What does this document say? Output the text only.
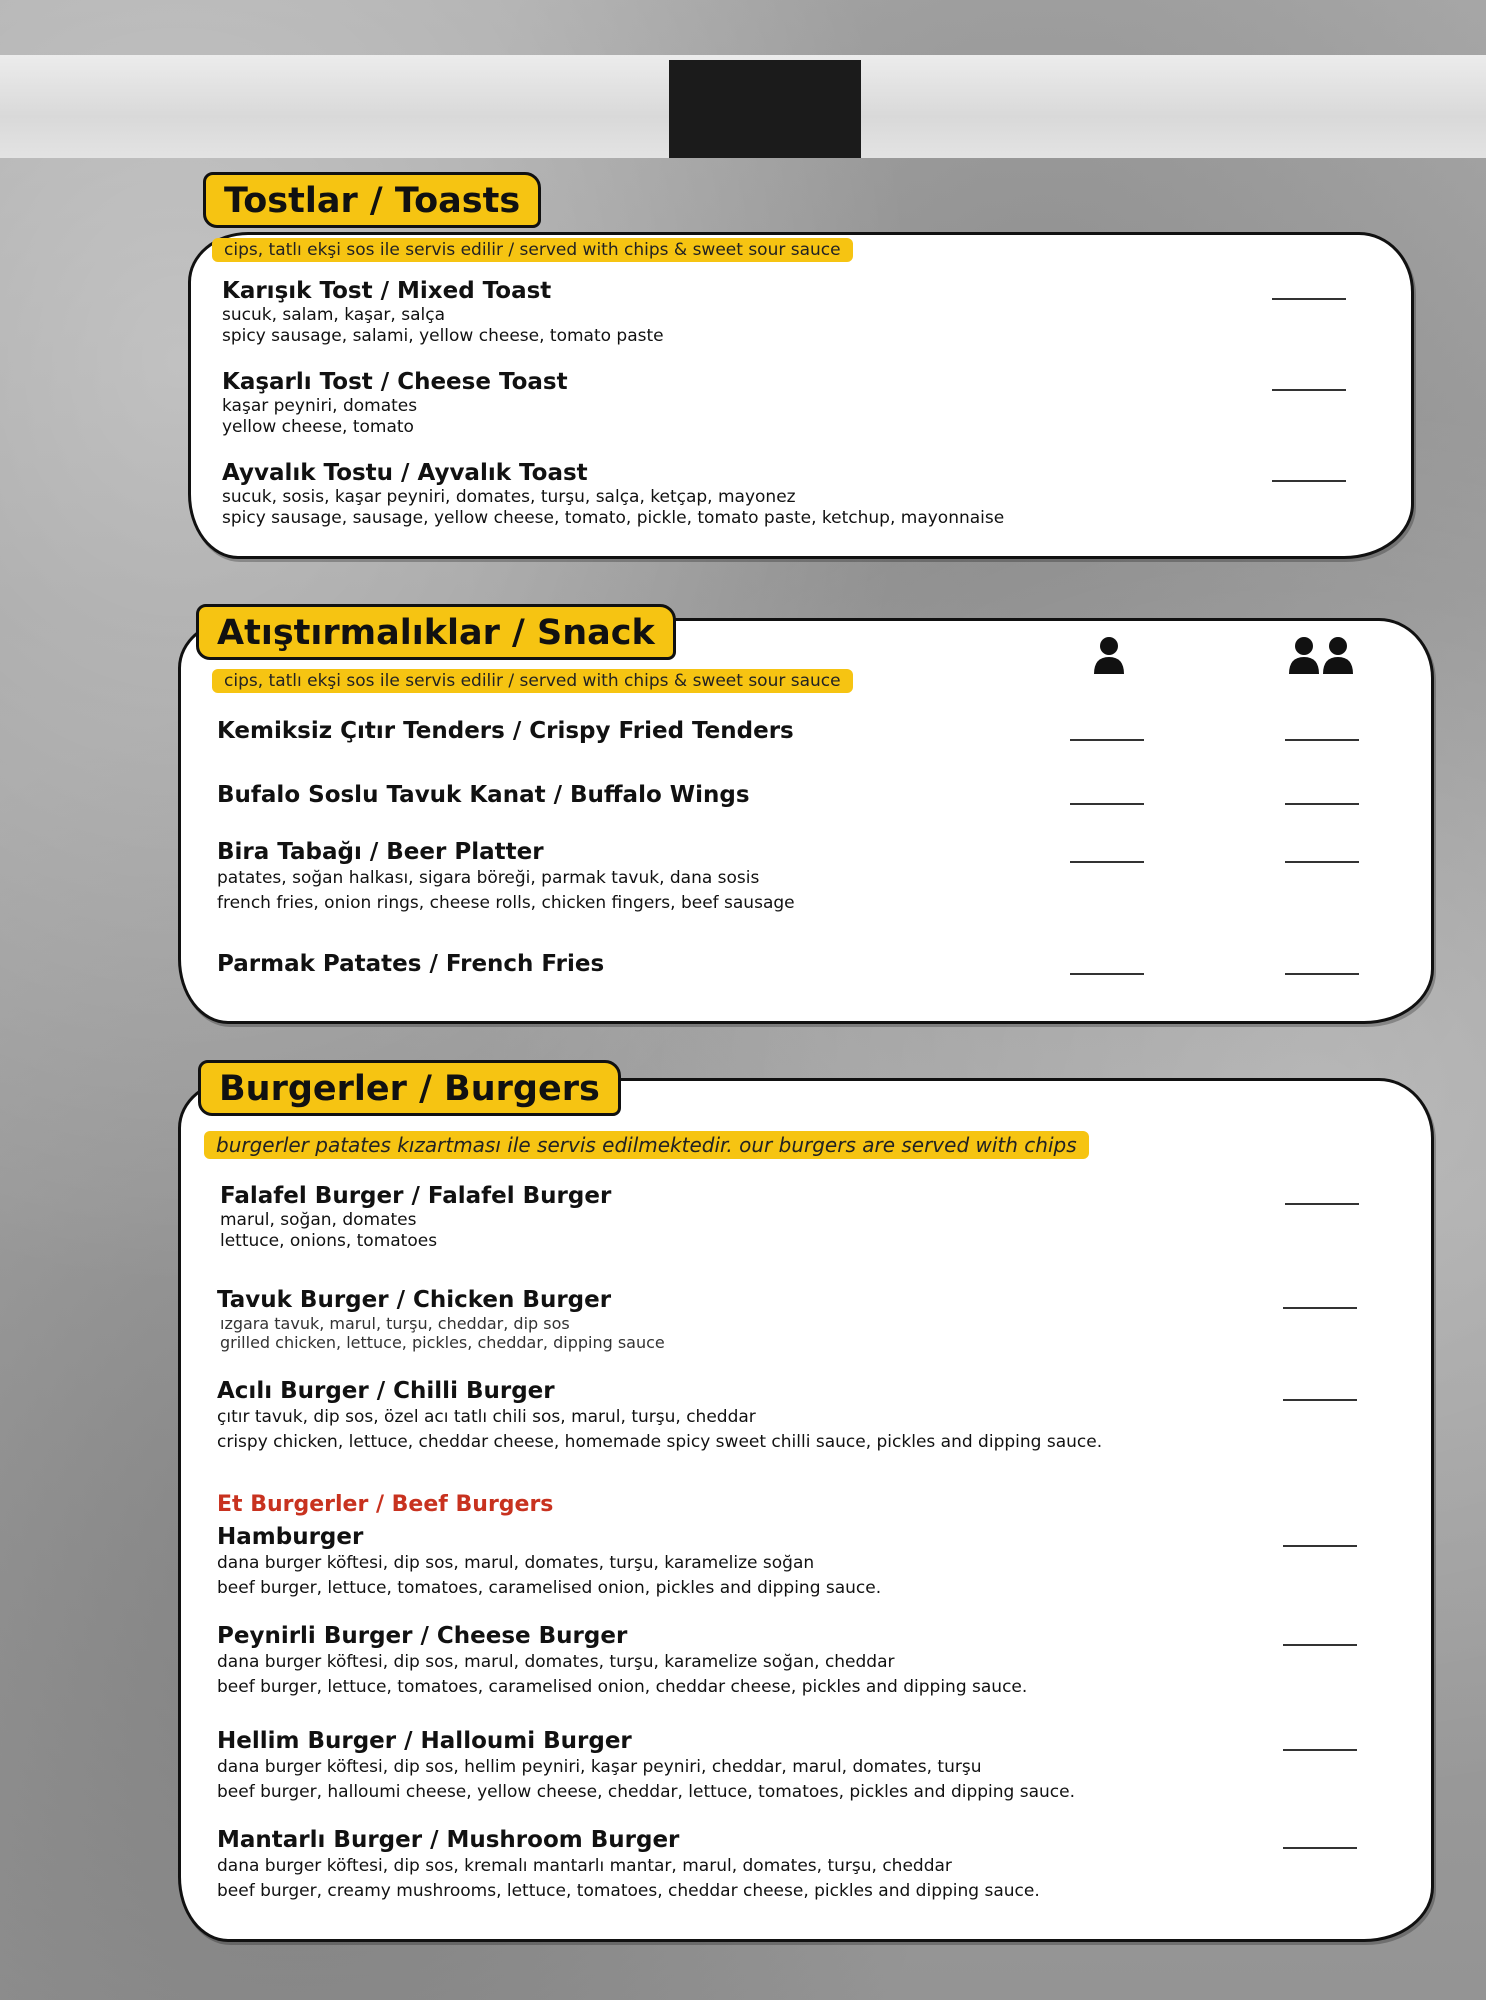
Tostlar / Toasts
cips, tatlı ekşi sos ile servis edilir / served with chips & sweet sour sauce
Karışık Tost / Mixed Toast
sucuk, salam, kaşar, salça
spicy sausage, salami, yellow cheese, tomato paste
Kaşarlı Tost / Cheese Toast
kaşar peyniri, domates
yellow cheese, tomato
Ayvalık Tostu / Ayvalık Toast
sucuk, sosis, kaşar peyniri, domates, turşu, salça, ketçap, mayonez
spicy sausage, sausage, yellow cheese, tomato, pickle, tomato paste, ketchup, mayonnaise
Atıştırmalıklar / Snack
cips, tatlı ekşi sos ile servis edilir / served with chips & sweet sour sauce
Kemiksiz Çıtır Tenders / Crispy Fried Tenders
Bufalo Soslu Tavuk Kanat / Buffalo Wings
Bira Tabağı / Beer Platter
patates, soğan halkası, sigara böreği, parmak tavuk, dana sosis
french fries, onion rings, cheese rolls, chicken fingers, beef sausage
Parmak Patates / French Fries
Burgerler / Burgers
burgerler patates kızartması ile servis edilmektedir. our burgers are served with chips
Falafel Burger / Falafel Burger
marul, soğan, domates
lettuce, onions, tomatoes
Tavuk Burger / Chicken Burger
ızgara tavuk, marul, turşu, cheddar, dip sos
grilled chicken, lettuce, pickles, cheddar, dipping sauce
Acılı Burger / Chilli Burger
çıtır tavuk, dip sos, özel acı tatlı chili sos, marul, turşu, cheddar
crispy chicken, lettuce, cheddar cheese, homemade spicy sweet chilli sauce, pickles and dipping sauce.
Et Burgerler / Beef Burgers
Hamburger
dana burger köftesi, dip sos, marul, domates, turşu, karamelize soğan
beef burger, lettuce, tomatoes, caramelised onion, pickles and dipping sauce.
Peynirli Burger / Cheese Burger
dana burger köftesi, dip sos, marul, domates, turşu, karamelize soğan, cheddar
beef burger, lettuce, tomatoes, caramelised onion, cheddar cheese, pickles and dipping sauce.
Hellim Burger / Halloumi Burger
dana burger köftesi, dip sos, hellim peyniri, kaşar peyniri, cheddar, marul, domates, turşu
beef burger, halloumi cheese, yellow cheese, cheddar, lettuce, tomatoes, pickles and dipping sauce.
Mantarlı Burger / Mushroom Burger
dana burger köftesi, dip sos, kremalı mantarlı mantar, marul, domates, turşu, cheddar
beef burger, creamy mushrooms, lettuce, tomatoes, cheddar cheese, pickles and dipping sauce.
